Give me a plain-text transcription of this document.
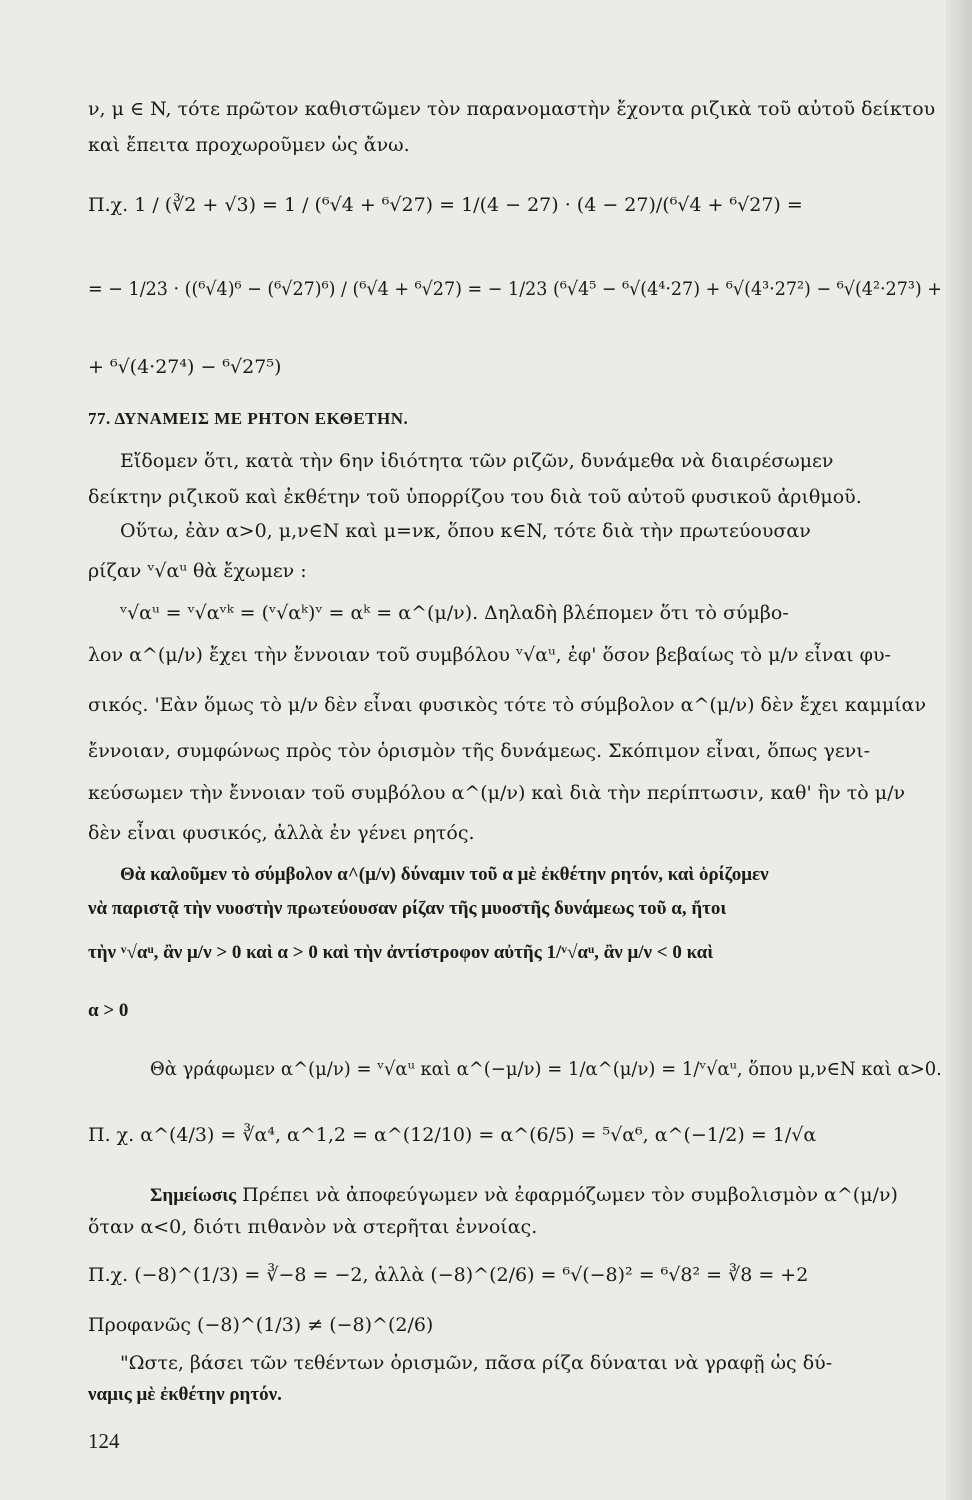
ν, μ ∈ N, τότε πρῶτον καθιστῶμεν τὸν παρανομαστὴν ἔχοντα ριζικὰ τοῦ αὐτοῦ δείκτου
καὶ ἔπειτα προχωροῦμεν ὡς ἄνω.
Π.χ. 1 / (∛2 + √3) = 1 / (⁶√4 + ⁶√27) = 1/(4 − 27) · (4 − 27)/(⁶√4 + ⁶√27) =
= − 1/23 · ((⁶√4)⁶ − (⁶√27)⁶) / (⁶√4 + ⁶√27) = − 1/23 (⁶√4⁵ − ⁶√(4⁴·27) + ⁶√(4³·27²) − ⁶√(4²·27³) +
+ ⁶√(4·27⁴) − ⁶√27⁵)
77. ΔΥΝΑΜΕΙΣ ΜΕ ΡΗΤΟΝ ΕΚΘΕΤΗΝ.
Εἴδομεν ὅτι, κατὰ τὴν 6ην ἰδιότητα τῶν ριζῶν, δυνάμεθα νὰ διαιρέσωμεν
δείκτην ριζικοῦ καὶ ἐκθέτην τοῦ ὑπορρίζου του διὰ τοῦ αὐτοῦ φυσικοῦ ἀριθμοῦ.
Οὕτω, ἐὰν α>0, μ,ν∈N καὶ μ=νκ, ὅπου κ∈N, τότε διὰ τὴν πρωτεύουσαν
ρίζαν ᵛ√αᵘ θὰ ἔχωμεν :
ᵛ√αᵘ = ᵛ√αᵛᵏ = (ᵛ√αᵏ)ᵛ = αᵏ = α^(μ/ν). Δηλαδὴ βλέπομεν ὅτι τὸ σύμβο-
λον α^(μ/ν) ἔχει τὴν ἔννοιαν τοῦ συμβόλου ᵛ√αᵘ, ἐφ' ὅσον βεβαίως τὸ μ/ν εἶναι φυ-
σικός. 'Εὰν ὅμως τὸ μ/ν δὲν εἶναι φυσικὸς τότε τὸ σύμβολον α^(μ/ν) δὲν ἔχει καμμίαν
ἔννοιαν, συμφώνως πρὸς τὸν ὁρισμὸν τῆς δυνάμεως. Σκόπιμον εἶναι, ὅπως γενι-
κεύσωμεν τὴν ἔννοιαν τοῦ συμβόλου α^(μ/ν) καὶ διὰ τὴν περίπτωσιν, καθ' ἣν τὸ μ/ν
δὲν εἶναι φυσικός, ἀλλὰ ἐν γένει ρητός.
Θὰ καλοῦμεν τὸ σύμβολον α^(μ/ν) δύναμιν τοῦ α μὲ ἐκθέτην ρητόν, καὶ ὁρίζομεν
νὰ παριστᾷ τὴν νυοστὴν πρωτεύουσαν ρίζαν τῆς μυοστῆς δυνάμεως τοῦ α, ἤτοι
τὴν ᵛ√αᵘ, ἂν μ/ν > 0 καὶ α > 0 καὶ τὴν ἀντίστροφον αὐτῆς 1/ᵛ√αᵘ, ἂν μ/ν < 0 καὶ
α > 0
Θὰ γράφωμεν α^(μ/ν) = ᵛ√αᵘ καὶ α^(−μ/ν) = 1/α^(μ/ν) = 1/ᵛ√αᵘ, ὅπου μ,ν∈N καὶ α>0.
Π. χ. α^(4/3) = ∛α⁴, α^1,2 = α^(12/10) = α^(6/5) = ⁵√α⁶, α^(−1/2) = 1/√α
Σημείωσις Πρέπει νὰ ἀποφεύγωμεν νὰ ἐφαρμόζωμεν τὸν συμβολισμὸν α^(μ/ν)
ὅταν α<0, διότι πιθανὸν νὰ στερῆται ἐννοίας.
Π.χ. (−8)^(1/3) = ∛−8 = −2, ἀλλὰ (−8)^(2/6) = ⁶√(−8)² = ⁶√8² = ∛8 = +2
Προφανῶς (−8)^(1/3) ≠ (−8)^(2/6)
"Ωστε, βάσει τῶν τεθέντων ὁρισμῶν, πᾶσα ρίζα δύναται νὰ γραφῇ ὡς δύ-
ναμις μὲ ἐκθέτην ρητόν.
124
